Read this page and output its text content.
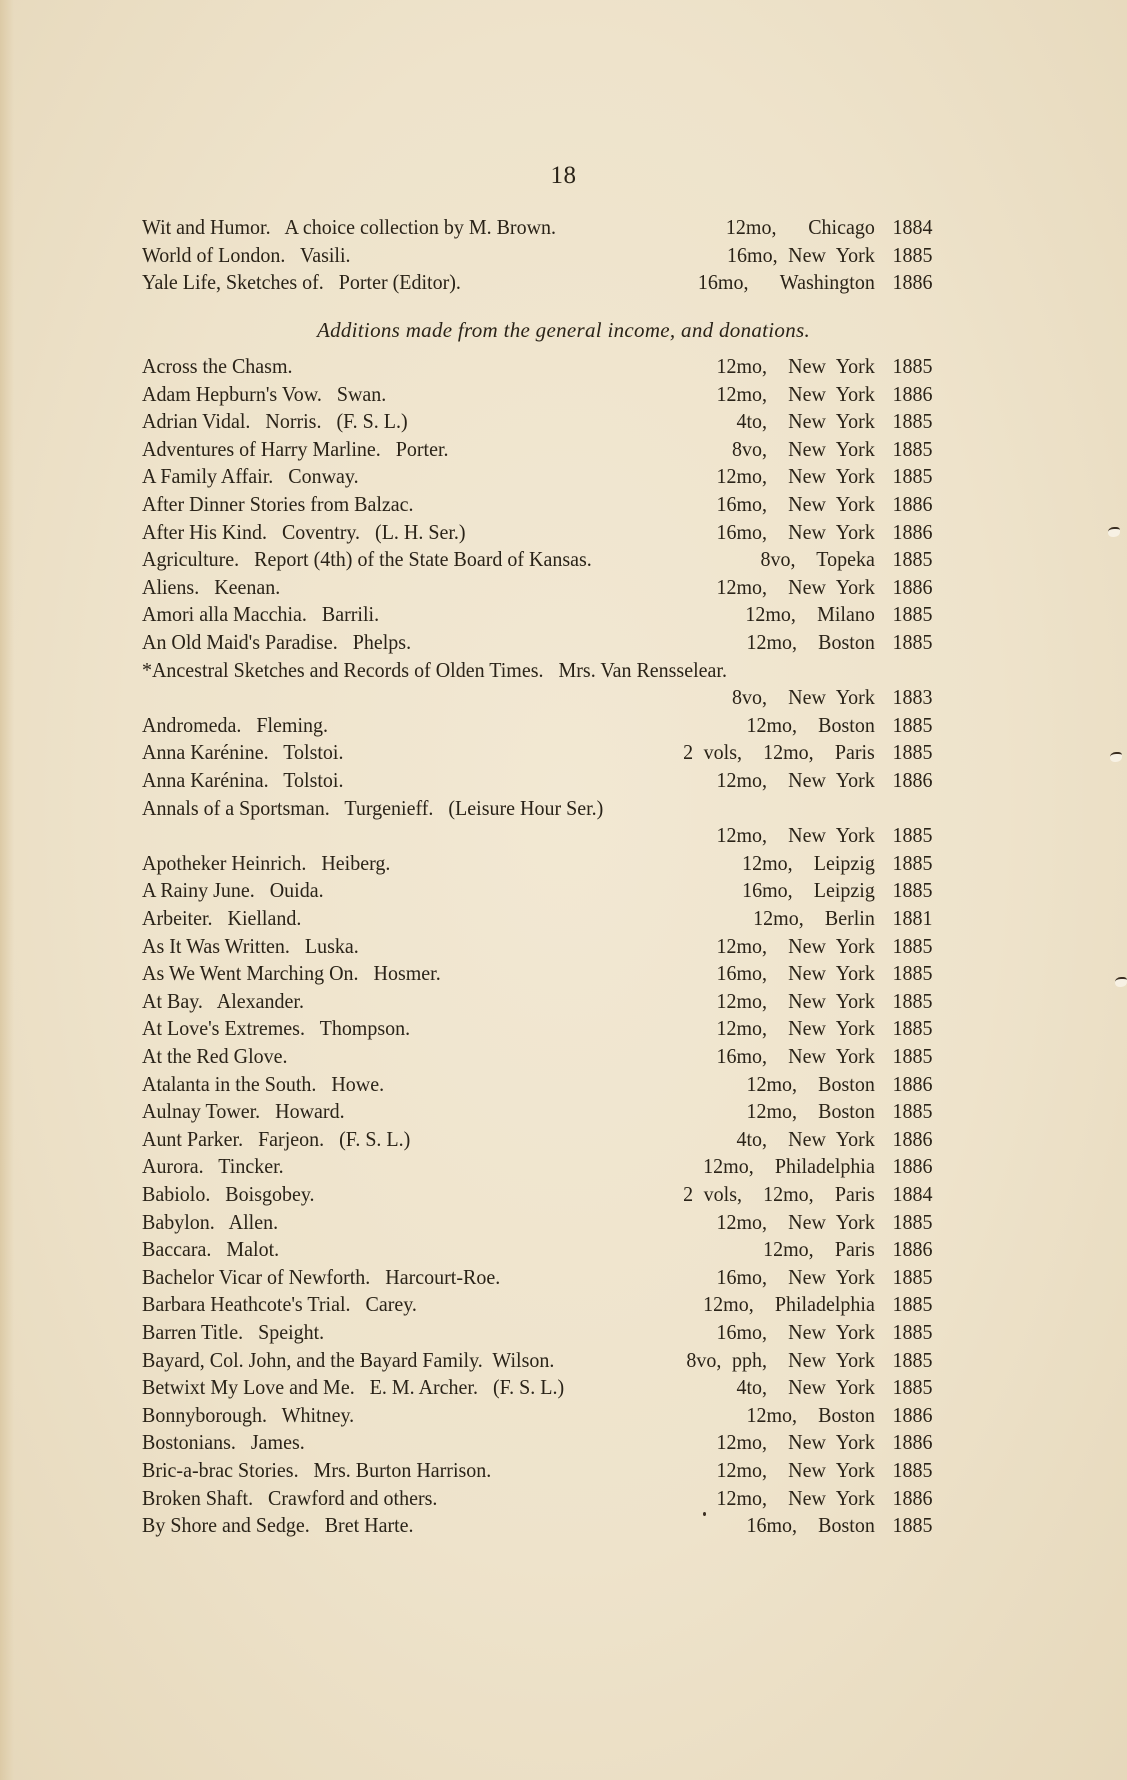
18
Wit and Humor.   A choice collection by M. Brown.	12mo,   Chicago 1884
World of London.   Vasili.	16mo, New York 1885
Yale Life, Sketches of.   Porter (Editor).	16mo,   Washington 1886
Additions made from the general income, and donations.
Across the Chasm.	12mo,  New York 1885
Adam Hepburn's Vow.   Swan.	12mo,  New York 1886
Adrian Vidal.   Norris.   (F. S. L.)	4to,  New York 1885
Adventures of Harry Marline.   Porter.	8vo,  New York 1885
A Family Affair.   Conway.	12mo,  New York 1885
After Dinner Stories from Balzac.	16mo,  New York 1886
After His Kind.   Coventry.   (L. H. Ser.)	16mo,  New York 1886
Agriculture.   Report (4th) of the State Board of Kansas.	8vo,  Topeka 1885
Aliens.   Keenan.	12mo,  New York 1886
Amori alla Macchia.   Barrili.	12mo,  Milano 1885
An Old Maid's Paradise.   Phelps.	12mo,  Boston 1885
*Ancestral Sketches and Records of Olden Times.   Mrs. Van Rensselear.
8vo,  New York 1883
Andromeda.   Fleming.	12mo,  Boston 1885
Anna Karénine.   Tolstoi.	2 vols,  12mo,  Paris 1885
Anna Karénina.   Tolstoi.	12mo,  New York 1886
Annals of a Sportsman.   Turgenieff.   (Leisure Hour Ser.)
12mo,  New York 1885
Apotheker Heinrich.   Heiberg.	12mo,  Leipzig 1885
A Rainy June.   Ouida.	16mo,  Leipzig 1885
Arbeiter.   Kielland.	12mo,  Berlin 1881
As It Was Written.   Luska.	12mo,  New York 1885
As We Went Marching On.   Hosmer.	16mo,  New York 1885
At Bay.   Alexander.	12mo,  New York 1885
At Love's Extremes.   Thompson.	12mo,  New York 1885
At the Red Glove.	16mo,  New York 1885
Atalanta in the South.   Howe.	12mo,  Boston 1886
Aulnay Tower.   Howard.	12mo,  Boston 1885
Aunt Parker.   Farjeon.   (F. S. L.)	4to,  New York 1886
Aurora.   Tincker.	12mo,  Philadelphia 1886
Babiolo.   Boisgobey.	2 vols,  12mo,  Paris 1884
Babylon.   Allen.	12mo,  New York 1885
Baccara.   Malot.	12mo,  Paris 1886
Bachelor Vicar of Newforth.   Harcourt-Roe.	16mo,  New York 1885
Barbara Heathcote's Trial.   Carey.	12mo,  Philadelphia 1885
Barren Title.   Speight.	16mo,  New York 1885
Bayard, Col. John, and the Bayard Family.  Wilson.	8vo, pph,  New York 1885
Betwixt My Love and Me.   E. M. Archer.   (F. S. L.)	4to,  New York 1885
Bonnyborough.   Whitney.	12mo,  Boston 1886
Bostonians.   James.	12mo,  New York 1886
Bric-a-brac Stories.   Mrs. Burton Harrison.	12mo,  New York 1885
Broken Shaft.   Crawford and others.	12mo,  New York 1886
By Shore and Sedge.   Bret Harte.	16mo,  Boston 1885
